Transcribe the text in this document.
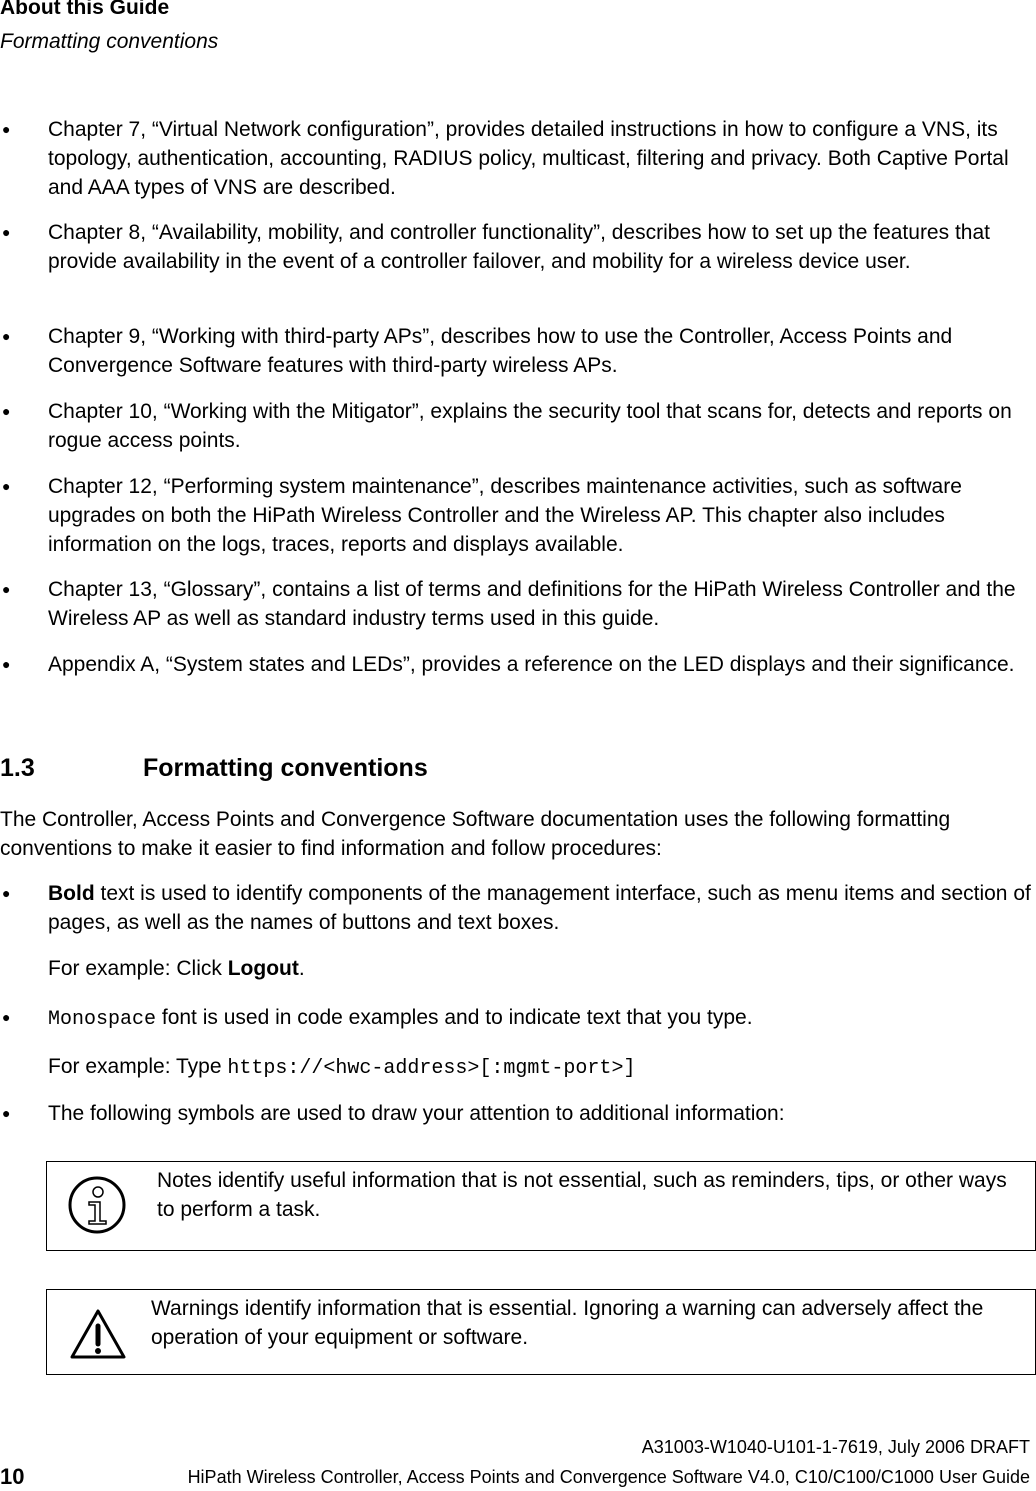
About this Guide
Formatting conventions
● Chapter 7, “Virtual Network configuration”, provides detailed instructions in how to configure a VNS, its topology, authentication, accounting, RADIUS policy, multicast, filtering and privacy. Both Captive Portal and AAA types of VNS are described.
● Chapter 8, “Availability, mobility, and controller functionality”, describes how to set up the features that provide availability in the event of a controller failover, and mobility for a wireless device user.
● Chapter 9, “Working with third-party APs”, describes how to use the Controller, Access Points and Convergence Software features with third-party wireless APs.
● Chapter 10, “Working with the Mitigator”, explains the security tool that scans for, detects and reports on rogue access points.
● Chapter 12, “Performing system maintenance”, describes maintenance activities, such as software upgrades on both the HiPath Wireless Controller and the Wireless AP. This chapter also includes information on the logs, traces, reports and displays available.
● Chapter 13, “Glossary”, contains a list of terms and definitions for the HiPath Wireless Controller and the Wireless AP as well as standard industry terms used in this guide.
● Appendix A, “System states and LEDs”, provides a reference on the LED displays and their significance.
1.3	Formatting conventions
The Controller, Access Points and Convergence Software documentation uses the following formatting conventions to make it easier to find information and follow procedures:
● Bold text is used to identify components of the management interface, such as menu items and section of pages, as well as the names of buttons and text boxes.
For example: Click Logout.
● Monospace font is used in code examples and to indicate text that you type.
For example: Type https://<hwc-address>[:mgmt-port>]
● The following symbols are used to draw your attention to additional information:
Notes identify useful information that is not essential, such as reminders, tips, or other ways to perform a task.
Warnings identify information that is essential. Ignoring a warning can adversely affect the operation of your equipment or software.
A31003-W1040-U101-1-7619, July 2006 DRAFT
10	HiPath Wireless Controller, Access Points and Convergence Software V4.0, C10/C100/C1000 User Guide
